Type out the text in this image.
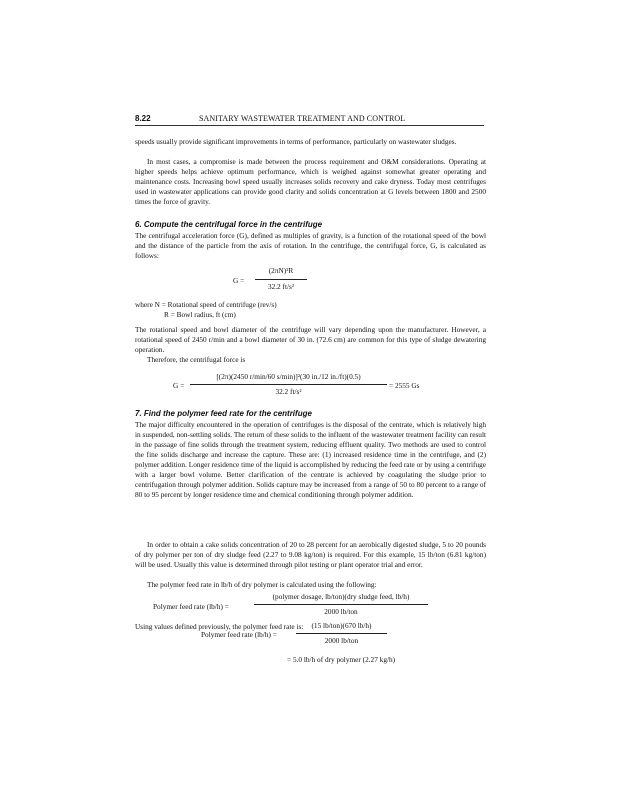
8.22	SANITARY WASTEWATER TREATMENT AND CONTROL
speeds usually provide significant improvements in terms of performance, particularly on wastewater sludges.
In most cases, a compromise is made between the process requirement and O&M considerations. Operating at higher speeds helps achieve optimum performance, which is weighed against somewhat greater operating and maintenance costs. Increasing bowl speed usually increases solids recovery and cake dryness. Today most centrifuges used in wastewater applications can provide good clarity and solids concentration at G levels between 1800 and 2500 times the force of gravity.
6. Compute the centrifugal force in the centrifuge
The centrifugal acceleration force (G), defined as multiples of gravity, is a function of the rotational speed of the bowl and the distance of the particle from the axis of rotation. In the centrifuge, the centrifugal force, G, is calculated as follows:
G =
(2πN)²R
32.2 ft/s²
where N = Rotational speed of centrifuge (rev/s)
R = Bowl radius, ft (cm)
The rotational speed and bowl diameter of the centrifuge will vary depending upon the manufacturer. However, a rotational speed of 2450 r/min and a bowl diameter of 30 in. (72.6 cm) are common for this type of sludge dewatering operation.
Therefore, the centrifugal force is
G =
[(2π)(2450 r/min/60 s/min)]²(30 in./12 in./ft)(0.5)
32.2 ft/s²
= 2555 Gs
7. Find the polymer feed rate for the centrifuge
The major difficulty encountered in the operation of centrifuges is the disposal of the centrate, which is relatively high in suspended, non-settling solids. The return of these solids to the influent of the wastewater treatment facility can result in the passage of fine solids through the treatment system, reducing effluent quality. Two methods are used to control the fine solids discharge and increase the capture. These are: (1) increased residence time in the centrifuge, and (2) polymer addition. Longer residence time of the liquid is accomplished by reducing the feed rate or by using a centrifuge with a larger bowl volume. Better clarification of the centrate is achieved by coagulating the sludge prior to centrifugation through polymer addition. Solids capture may be increased from a range of 50 to 80 percent to a range of 80 to 95 percent by longer residence time and chemical conditioning through polymer addition.
In order to obtain a cake solids concentration of 20 to 28 percent for an aerobically digested sludge, 5 to 20 pounds of dry polymer per ton of dry sludge feed (2.27 to 9.08 kg/ton) is required. For this example, 15 lb/ton (6.81 kg/ton) will be used. Usually this value is determined through pilot testing or plant operator trial and error.
The polymer feed rate in lb/h of dry polymer is calculated using the following:
Polymer feed rate (lb/h) =
(polymer dosage, lb/ton)(dry sludge feed, lb/h)
2000 lb/ton
Using values defined previously, the polymer feed rate is:
Polymer feed rate (lb/h) =
(15 lb/ton)(670 lb/h)
2000 lb/ton
= 5.0 lb/h of dry polymer (2.27 kg/h)
